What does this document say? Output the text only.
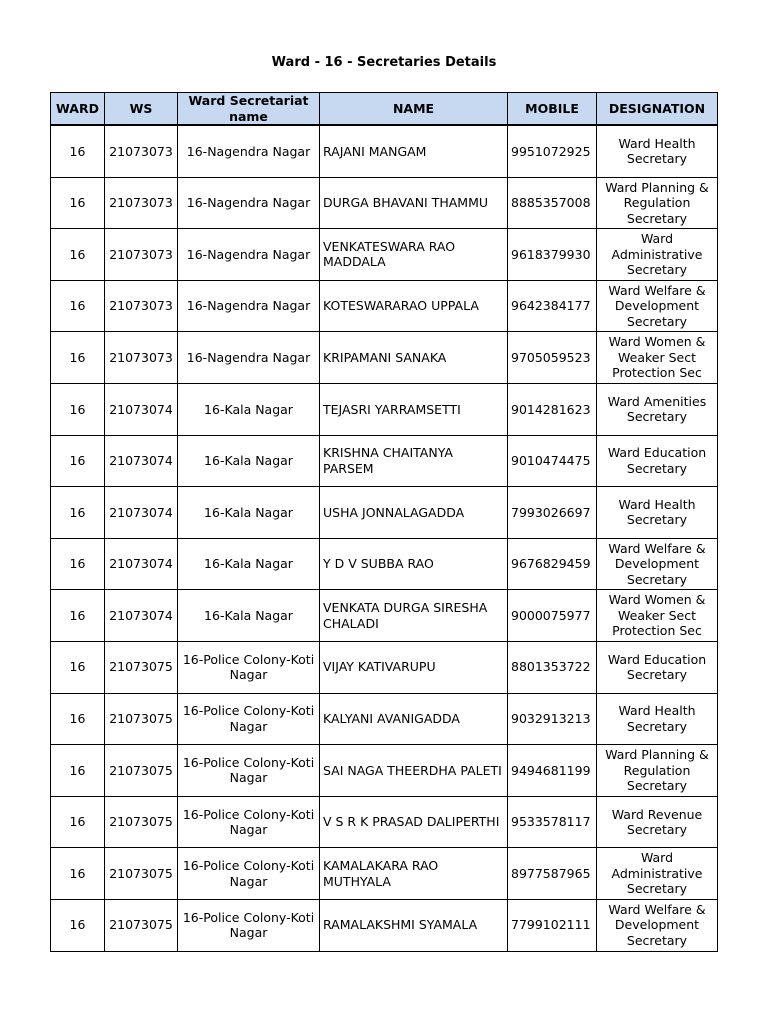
Ward - 16 - Secretaries Details
WARD	WS	Ward Secretariat name	NAME	MOBILE	DESIGNATION
16	21073073	16-Nagendra Nagar	RAJANI MANGAM	9951072925	Ward Health Secretary
16	21073073	16-Nagendra Nagar	DURGA BHAVANI THAMMU	8885357008	Ward Planning & Regulation Secretary
16	21073073	16-Nagendra Nagar	VENKATESWARA RAO MADDALA	9618379930	Ward Administrative Secretary
16	21073073	16-Nagendra Nagar	KOTESWARARAO UPPALA	9642384177	Ward Welfare & Development Secretary
16	21073073	16-Nagendra Nagar	KRIPAMANI SANAKA	9705059523	Ward Women & Weaker Sect Protection Sec
16	21073074	16-Kala Nagar	TEJASRI YARRAMSETTI	9014281623	Ward Amenities Secretary
16	21073074	16-Kala Nagar	KRISHNA CHAITANYA PARSEM	9010474475	Ward Education Secretary
16	21073074	16-Kala Nagar	USHA JONNALAGADDA	7993026697	Ward Health Secretary
16	21073074	16-Kala Nagar	Y D V SUBBA RAO	9676829459	Ward Welfare & Development Secretary
16	21073074	16-Kala Nagar	VENKATA DURGA SIRESHA CHALADI	9000075977	Ward Women & Weaker Sect Protection Sec
16	21073075	16-Police Colony-Koti Nagar	VIJAY KATIVARUPU	8801353722	Ward Education Secretary
16	21073075	16-Police Colony-Koti Nagar	KALYANI AVANIGADDA	9032913213	Ward Health Secretary
16	21073075	16-Police Colony-Koti Nagar	SAI NAGA THEERDHA PALETI	9494681199	Ward Planning & Regulation Secretary
16	21073075	16-Police Colony-Koti Nagar	V S R K PRASAD DALIPERTHI	9533578117	Ward Revenue Secretary
16	21073075	16-Police Colony-Koti Nagar	KAMALAKARA RAO MUTHYALA	8977587965	Ward Administrative Secretary
16	21073075	16-Police Colony-Koti Nagar	RAMALAKSHMI SYAMALA	7799102111	Ward Welfare & Development Secretary
